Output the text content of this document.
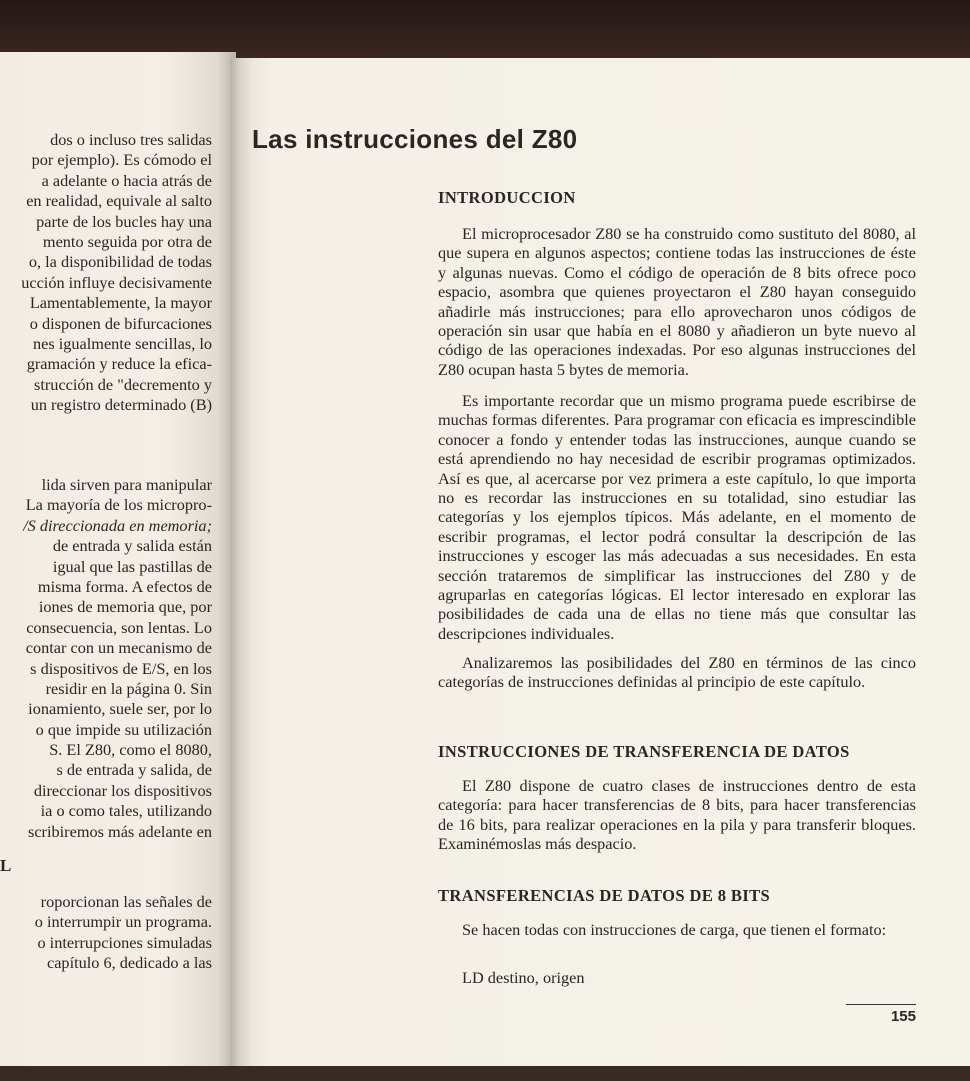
dos o incluso tres salidas
por ejemplo). Es cómodo el
a adelante o hacia atrás de
en realidad, equivale al salto
parte de los bucles hay una
mento seguida por otra de
o, la disponibilidad de todas
ucción influye decisivamente
Lamentablemente, la mayor
o disponen de bifurcaciones
nes igualmente sencillas, lo
gramación y reduce la efica-
strucción de "decremento y
un registro determinado (B)
lida sirven para manipular
La mayoría de los micropro-
/S direccionada en memoria;
de entrada y salida están
igual que las pastillas de
misma forma. A efectos de
iones de memoria que, por
consecuencia, son lentas. Lo
contar con un mecanismo de
s dispositivos de E/S, en los
residir en la página 0. Sin
ionamiento, suele ser, por lo
o que impide su utilización
S. El Z80, como el 8080,
s de entrada y salida, de
direccionar los dispositivos
ia o como tales, utilizando
scribiremos más adelante en
L
roporcionan las señales de
o interrumpir un programa.
o interrupciones simuladas
capítulo 6, dedicado a las
Las instrucciones del Z80
INTRODUCCION

El microprocesador Z80 se ha construido como sustituto del 8080, al que supera en algunos aspectos; contiene todas las instrucciones de éste y algunas nuevas. Como el código de operación de 8 bits ofrece poco espacio, asombra que quienes proyectaron el Z80 hayan conseguido añadirle más instrucciones; para ello aprovecharon unos códigos de operación sin usar que había en el 8080 y añadieron un byte nuevo al código de las operaciones indexadas. Por eso algunas instrucciones del Z80 ocupan hasta 5 bytes de memoria.

Es importante recordar que un mismo programa puede escribirse de muchas formas diferentes. Para programar con eficacia es imprescindible conocer a fondo y entender todas las instrucciones, aunque cuando se está aprendiendo no hay necesidad de escribir programas optimizados. Así es que, al acercarse por vez primera a este capítulo, lo que importa no es recordar las instrucciones en su totalidad, sino estudiar las categorías y los ejemplos típicos. Más adelante, en el momento de escribir programas, el lector podrá consultar la descripción de las instrucciones y escoger las más adecuadas a sus necesidades. En esta sección trataremos de simplificar las instrucciones del Z80 y de agruparlas en categorías lógicas. El lector interesado en explorar las posibilidades de cada una de ellas no tiene más que consultar las descripciones individuales.

Analizaremos las posibilidades del Z80 en términos de las cinco categorías de instrucciones definidas al principio de este capítulo.

INSTRUCCIONES DE TRANSFERENCIA DE DATOS

El Z80 dispone de cuatro clases de instrucciones dentro de esta categoría: para hacer transferencias de 8 bits, para hacer transferencias de 16 bits, para realizar operaciones en la pila y para transferir bloques. Examinémoslas más despacio.

TRANSFERENCIAS DE DATOS DE 8 BITS

Se hacen todas con instrucciones de carga, que tienen el formato:

LD destino, origen

155
